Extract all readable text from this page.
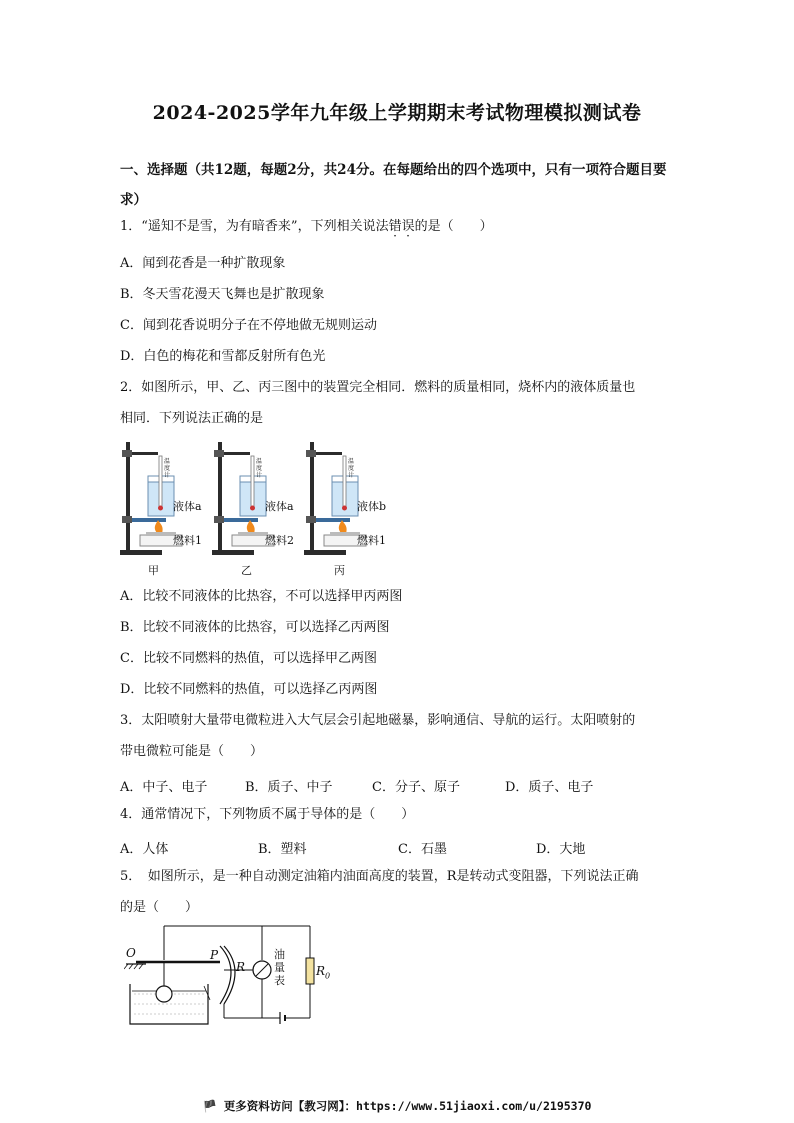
2024-2025学年九年级上学期期末考试物理模拟测试卷
一、选择题（共12题，每题2分，共24分。在每题给出的四个选项中，只有一项符合题目要
求）
1．“遥知不是雪，为有暗香来”，下列相关说法错误的是（　　）
A．闻到花香是一种扩散现象
B．冬天雪花漫天飞舞也是扩散现象
C．闻到花香说明分子在不停地做无规则运动
D．白色的梅花和雪都反射所有色光
2．如图所示，甲、乙、丙三图中的装置完全相同．燃料的质量相同，烧杯内的液体质量也
相同．下列说法正确的是
温度计
温度计
温度计
液体a	液体a	液体b
燃料1	燃料2	燃料1
甲	乙	丙
A．比较不同液体的比热容，不可以选择甲丙两图
B．比较不同液体的比热容，可以选择乙丙两图
C．比较不同燃料的热值，可以选择甲乙两图
D．比较不同燃料的热值，可以选择乙丙两图
3．太阳喷射大量带电微粒进入大气层会引起地磁暴，影响通信、导航的运行。太阳喷射的
带电微粒可能是（　　）
A．中子、电子	B．质子、中子	C．分子、原子	D．质子、电子
4．通常情况下，下列物质不属于导体的是（　　）
A．人体	B．塑料	C．石墨	D．大地
5．　如图所示，是一种自动测定油箱内油面高度的装置，R是转动式变阻器，下列说法正确
的是（　　）
O	P
R
油
量
表
$R_0$
🏴 更多资料访问【教习网】：https://www.51jiaoxi.com/u/2195370
